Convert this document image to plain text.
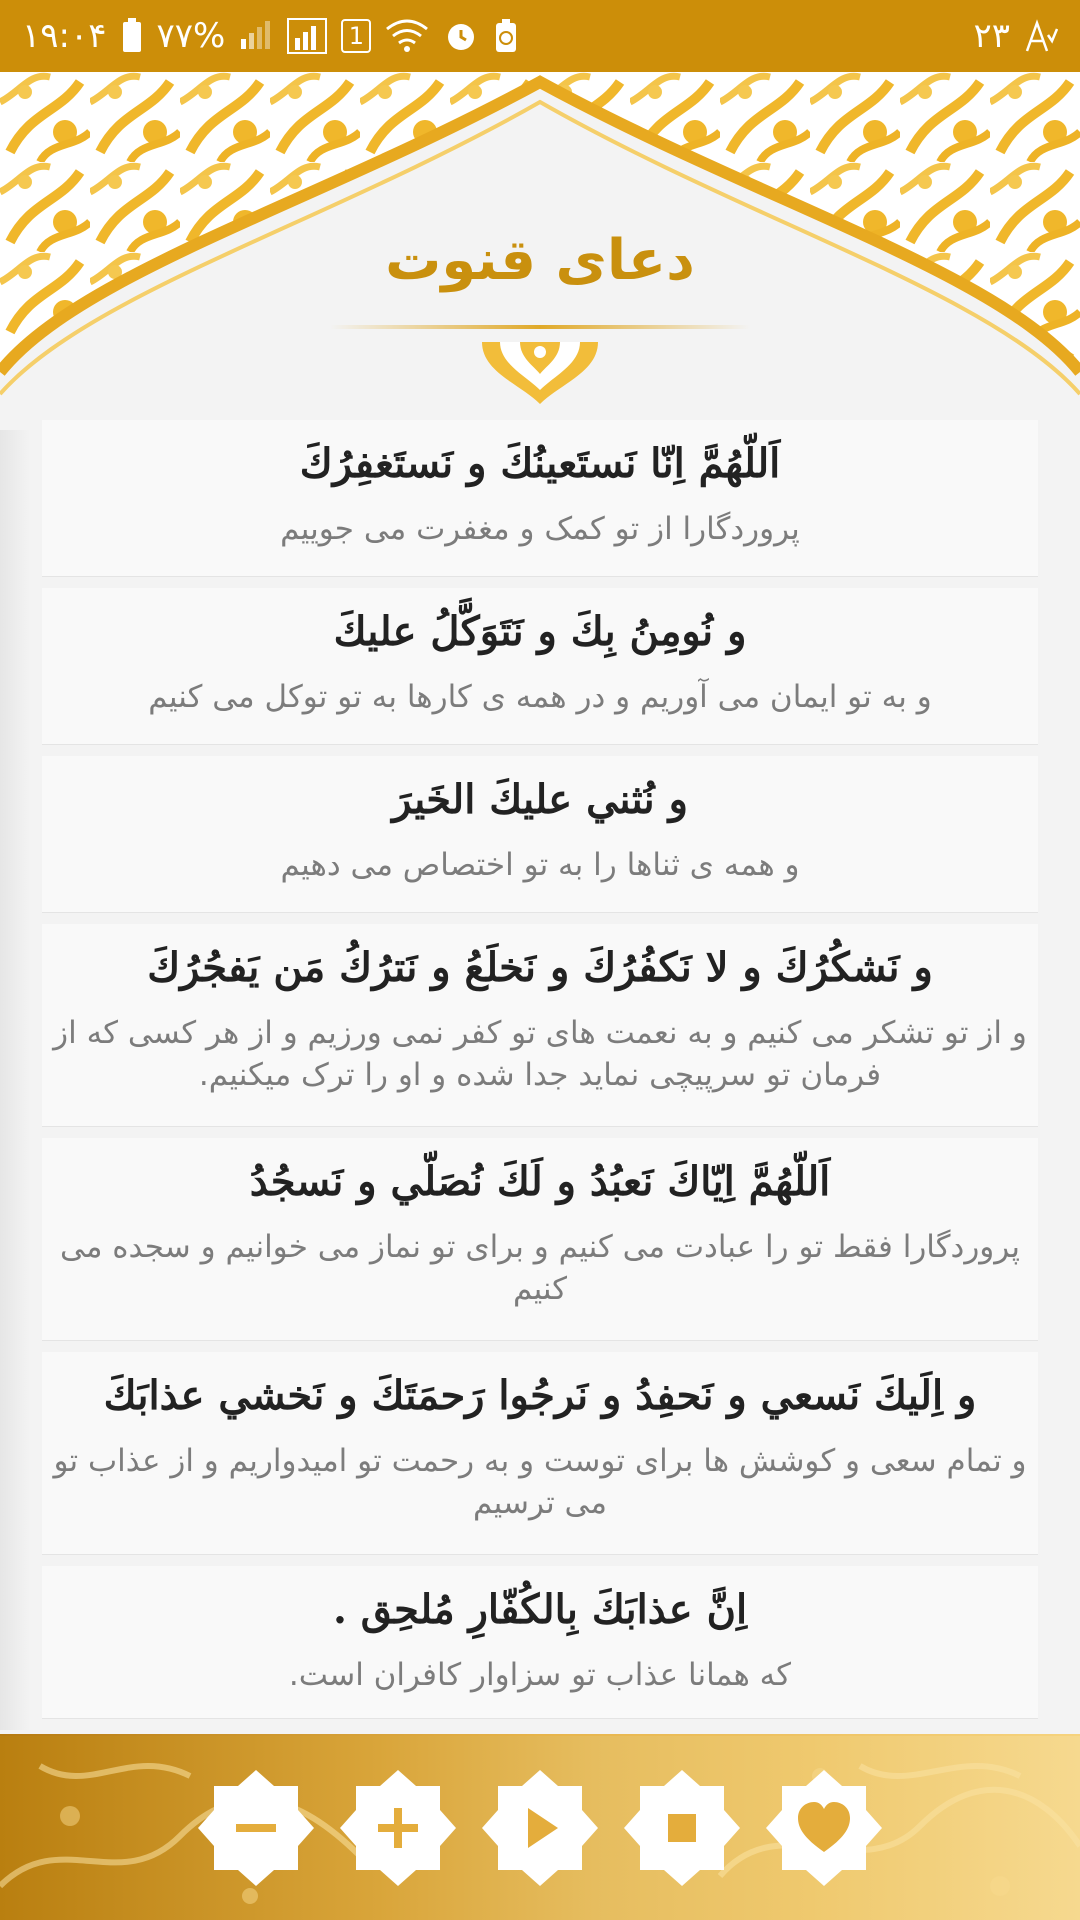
۱۹:۰۴ ۷۷%	1	۲۳
دعای قنوت
اَللّهُمَّ اِنّا نَستَعينُكَ و نَستَغفِرُكَ
پروردگارا از تو کمک و مغفرت می جوییم
و نُومِنُ بِكَ و نَتَوَكَّلُ عليكَ
و به تو ایمان می آوریم و در همه ی کارها به تو توکل می کنیم
و نُثني عليكَ الخَيرَ
و همه ی ثناها را به تو اختصاص می دهیم
و نَشكُرُكَ و لا نَكفُرُكَ و نَخلَعُ و نَترُكُ مَن يَفجُرُكَ
و از تو تشکر می کنیم و به نعمت های تو کفر نمی ورزیم و از هر کسی که از فرمان تو سرپیچی نماید جدا شده و او را ترک میکنیم.
اَللّهُمَّ اِيّاكَ نَعبُدُ و لَكَ نُصَلّي و نَسجُدُ
پروردگارا فقط تو را عبادت می کنیم و برای تو نماز می خوانیم و سجده می کنیم
و اِلَيكَ نَسعي و نَحفِدُ و نَرجُوا رَحمَتَكَ و نَخشي عذابَكَ
و تمام سعی و کوشش ها برای توست و به رحمت تو امیدواریم و از عذاب تو می ترسیم
اِنَّ عذابَكَ بِالكُفّارِ مُلحِق .
که همانا عذاب تو سزاوار کافران است.
